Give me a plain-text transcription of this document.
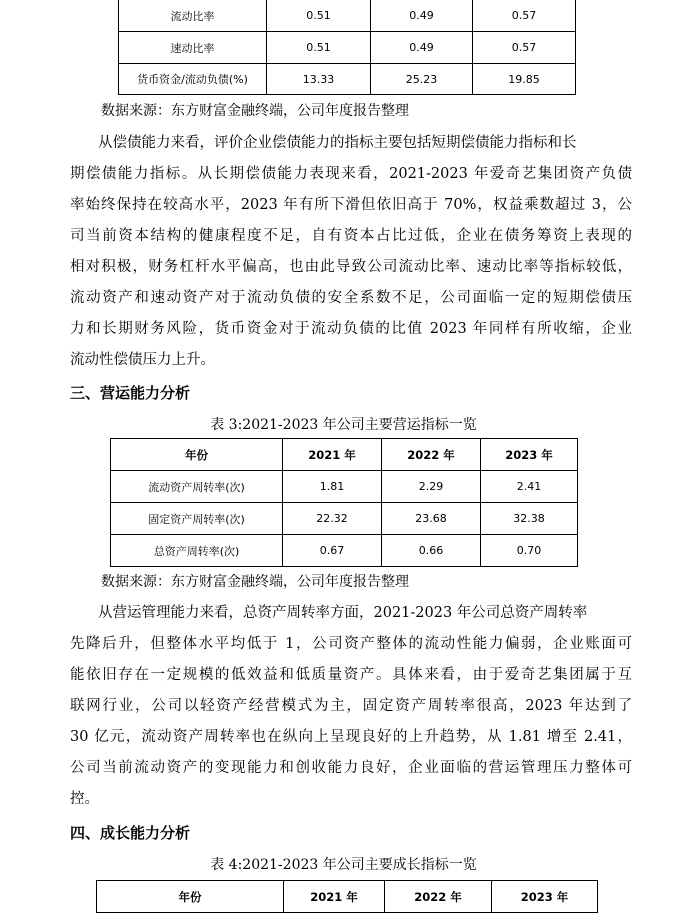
流动比率	0.51	0.49	0.57
速动比率	0.51	0.49	0.57
货币资金/流动负债(%)	13.33	25.23	19.85
数据来源：东方财富金融终端，公司年度报告整理
从偿债能力来看，评价企业偿债能力的指标主要包括短期偿债能力指标和长
期偿债能力指标。从长期偿债能力表现来看，2021-2023 年爱奇艺集团资产负债
率始终保持在较高水平，2023 年有所下滑但依旧高于 70%，权益乘数超过 3，公
司当前资本结构的健康程度不足，自有资本占比过低，企业在债务筹资上表现的
相对积极，财务杠杆水平偏高，也由此导致公司流动比率、速动比率等指标较低，
流动资产和速动资产对于流动负债的安全系数不足，公司面临一定的短期偿债压
力和长期财务风险，货币资金对于流动负债的比值 2023 年同样有所收缩，企业
流动性偿债压力上升。
三、营运能力分析
表 3:2021-2023 年公司主要营运指标一览
年份	2021 年	2022 年	2023 年
流动资产周转率(次)	1.81	2.29	2.41
固定资产周转率(次)	22.32	23.68	32.38
总资产周转率(次)	0.67	0.66	0.70
数据来源：东方财富金融终端，公司年度报告整理
从营运管理能力来看，总资产周转率方面，2021-2023 年公司总资产周转率
先降后升，但整体水平均低于 1，公司资产整体的流动性能力偏弱，企业账面可
能依旧存在一定规模的低效益和低质量资产。具体来看，由于爱奇艺集团属于互
联网行业，公司以轻资产经营模式为主，固定资产周转率很高，2023 年达到了
30 亿元，流动资产周转率也在纵向上呈现良好的上升趋势，从 1.81 增至 2.41，
公司当前流动资产的变现能力和创收能力良好，企业面临的营运管理压力整体可
控。
四、成长能力分析
表 4:2021-2023 年公司主要成长指标一览
年份	2021 年	2022 年	2023 年
